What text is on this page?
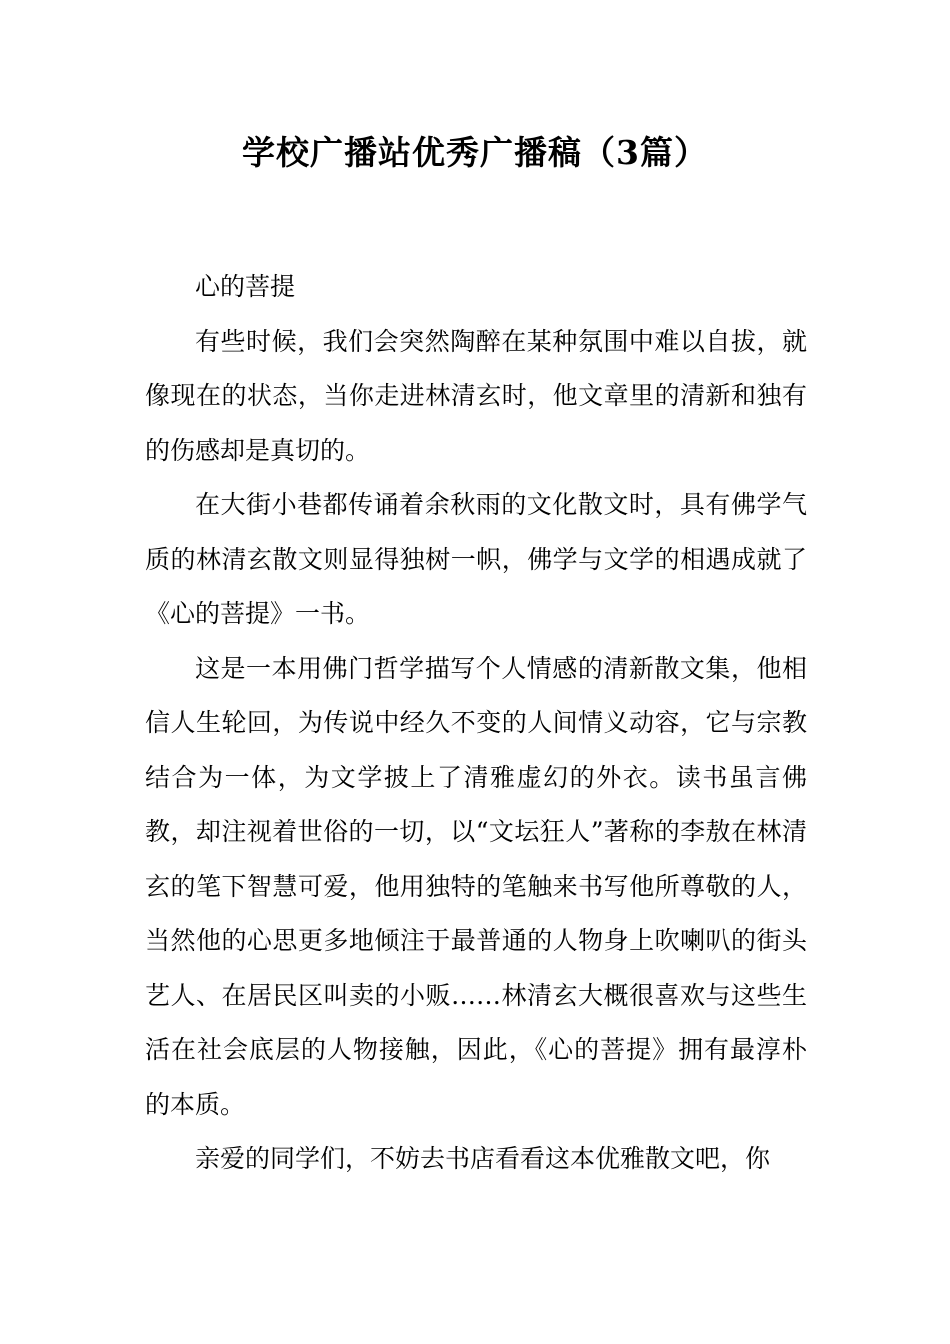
学校广播站优秀广播稿（3篇）

心的菩提

有些时候，我们会突然陶醉在某种氛围中难以自拔，就像现在的状态，当你走进林清玄时，他文章里的清新和独有的伤感却是真切的。

在大街小巷都传诵着余秋雨的文化散文时，具有佛学气质的林清玄散文则显得独树一帜，佛学与文学的相遇成就了《心的菩提》一书。

这是一本用佛门哲学描写个人情感的清新散文集，他相信人生轮回，为传说中经久不变的人间情义动容，它与宗教结合为一体，为文学披上了清雅虚幻的外衣。读书虽言佛教，却注视着世俗的一切，以“文坛狂人”著称的李敖在林清玄的笔下智慧可爱，他用独特的笔触来书写他所尊敬的人，当然他的心思更多地倾注于最普通的人物身上吹喇叭的街头艺人、在居民区叫卖的小贩……林清玄大概很喜欢与这些生活在社会底层的人物接触，因此，《心的菩提》拥有最淳朴的本质。

亲爱的同学们，不妨去书店看看这本优雅散文吧，你
